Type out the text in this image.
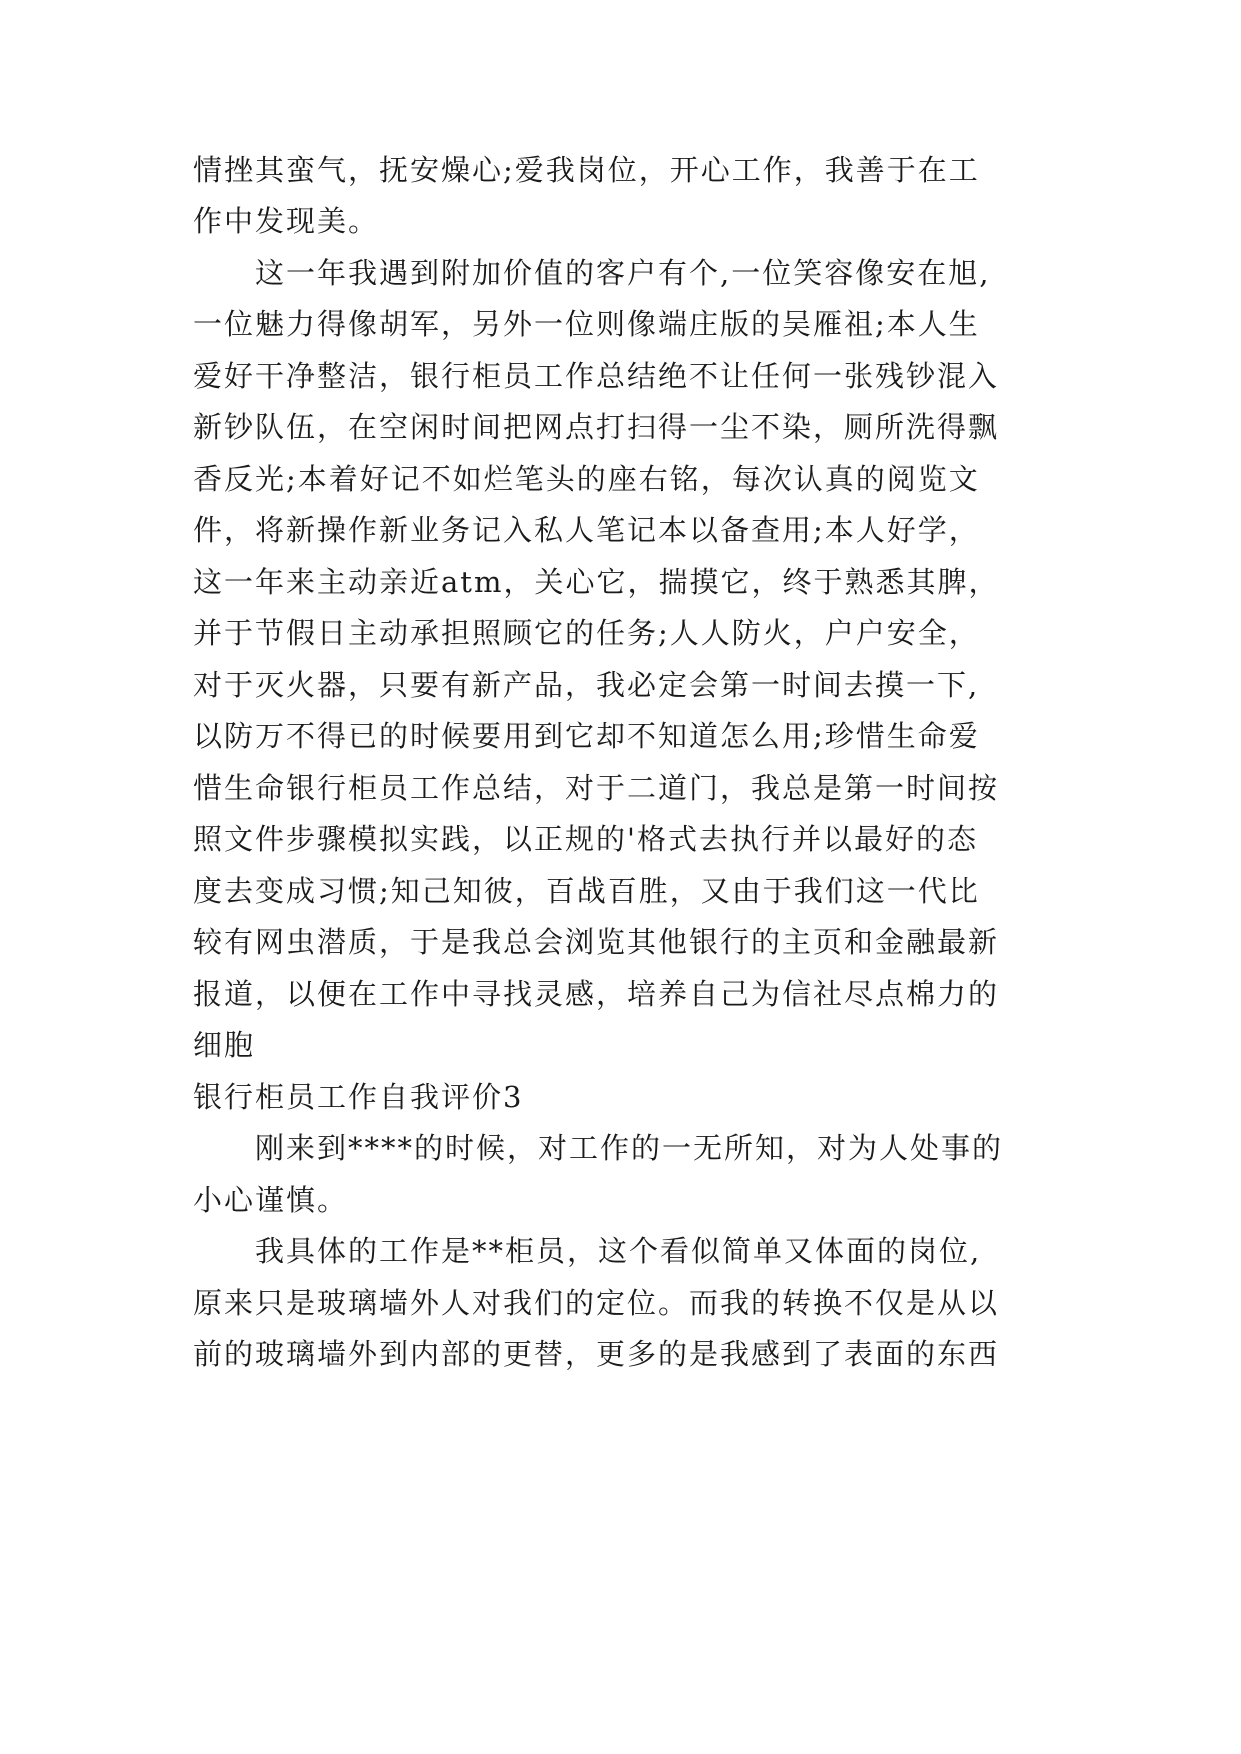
情挫其蛮气，抚安燥心;爱我岗位，开心工作，我善于在工
作中发现美。
　　这一年我遇到附加价值的客户有个,一位笑容像安在旭,
一位魅力得像胡军，另外一位则像端庄版的吴雁祖;本人生
爱好干净整洁，银行柜员工作总结绝不让任何一张残钞混入
新钞队伍，在空闲时间把网点打扫得一尘不染，厕所洗得飘
香反光;本着好记不如烂笔头的座右铭，每次认真的阅览文
件，将新操作新业务记入私人笔记本以备查用;本人好学，
这一年来主动亲近atm，关心它，揣摸它，终于熟悉其脾，
并于节假日主动承担照顾它的任务;人人防火，户户安全，
对于灭火器，只要有新产品，我必定会第一时间去摸一下,
以防万不得已的时候要用到它却不知道怎么用;珍惜生命爱
惜生命银行柜员工作总结，对于二道门，我总是第一时间按
照文件步骤模拟实践，以正规的'格式去执行并以最好的态
度去变成习惯;知己知彼，百战百胜，又由于我们这一代比
较有网虫潜质，于是我总会浏览其他银行的主页和金融最新
报道，以便在工作中寻找灵感，培养自己为信社尽点棉力的
细胞
银行柜员工作自我评价3
　　刚来到****的时候，对工作的一无所知，对为人处事的
小心谨慎。
　　我具体的工作是**柜员，这个看似简单又体面的岗位,
原来只是玻璃墙外人对我们的定位。而我的转换不仅是从以
前的玻璃墙外到内部的更替，更多的是我感到了表面的东西
